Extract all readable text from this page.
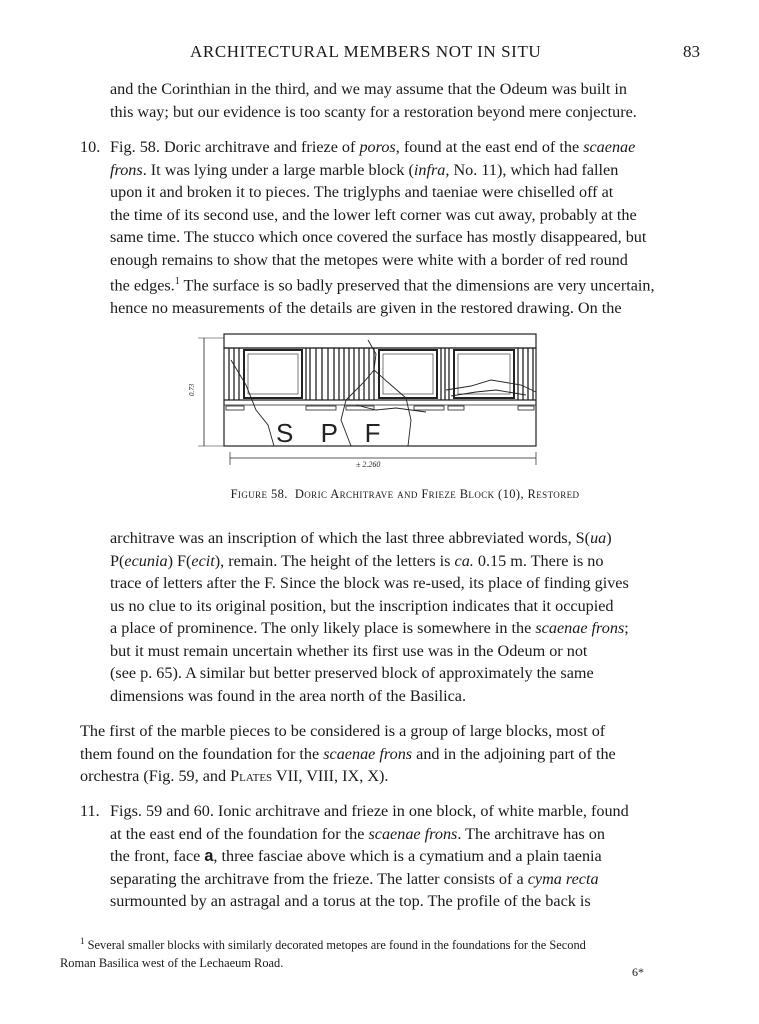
ARCHITECTURAL MEMBERS NOT IN SITU	83
and the Corinthian in the third, and we may assume that the Odeum was built in
this way; but our evidence is too scanty for a restoration beyond mere conjecture.
10. Fig. 58. Doric architrave and frieze of poros, found at the east end of the scaenae
frons. It was lying under a large marble block (infra, No. 11), which had fallen
upon it and broken it to pieces. The triglyphs and taeniae were chiselled off at
the time of its second use, and the lower left corner was cut away, probably at the
same time. The stucco which once covered the surface has mostly disappeared, but
enough remains to show that the metopes were white with a border of red round
the edges.$^1$ The surface is so badly preserved that the dimensions are very uncertain,
hence no measurements of the details are given in the restored drawing. On the
S P F
± 2.260
0.73
Figure 58. Doric Architrave and Frieze Block (10), Restored
architrave was an inscription of which the last three abbreviated words, S(ua)
P(ecunia) F(ecit), remain. The height of the letters is ca. 0.15 m. There is no
trace of letters after the F. Since the block was re-used, its place of finding gives
us no clue to its original position, but the inscription indicates that it occupied
a place of prominence. The only likely place is somewhere in the scaenae frons;
but it must remain uncertain whether its first use was in the Odeum or not
(see p. 65). A similar but better preserved block of approximately the same
dimensions was found in the area north of the Basilica.
The first of the marble pieces to be considered is a group of large blocks, most of
them found on the foundation for the scaenae frons and in the adjoining part of the
orchestra (Fig. 59, and Plates VII, VIII, IX, X).
11. Figs. 59 and 60. Ionic architrave and frieze in one block, of white marble, found
at the east end of the foundation for the scaenae frons. The architrave has on
the front, face a, three fasciae above which is a cymatium and a plain taenia
separating the architrave from the frieze. The latter consists of a cyma recta
surmounted by an astragal and a torus at the top. The profile of the back is
$^1$ Several smaller blocks with similarly decorated metopes are found in the foundations for the Second
Roman Basilica west of the Lechaeum Road.
6*
